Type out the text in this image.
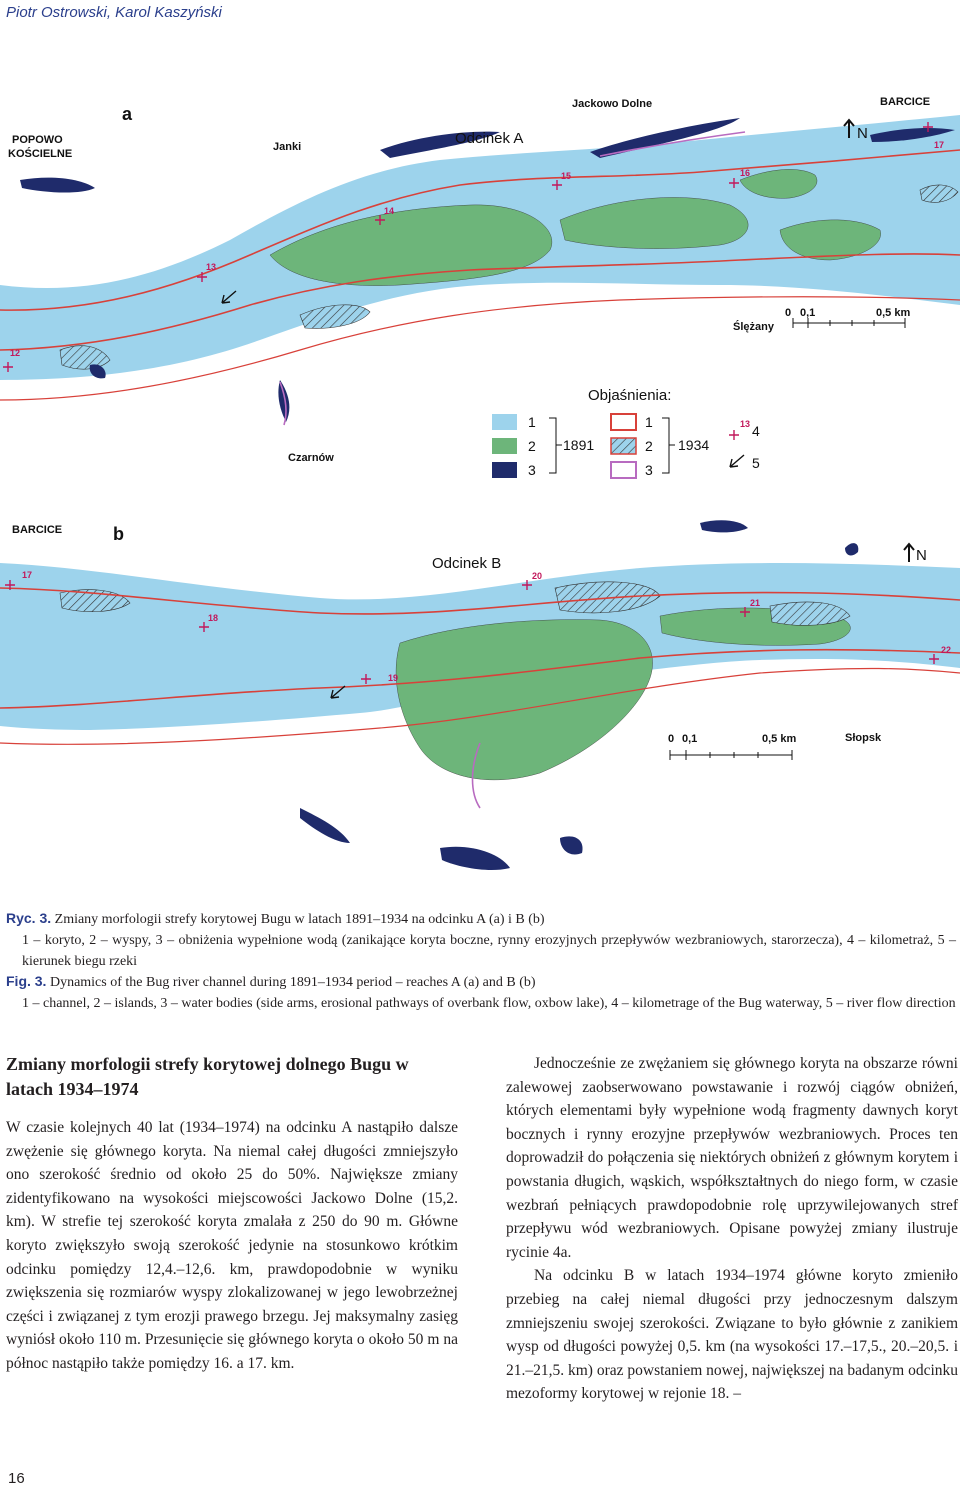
Piotr Ostrowski, Karol Kaszyński
12
13
14
15	16
17
a
Odcinek A
POPOWO
KOŚCIELNE
Janki
Jackowo Dolne	BARCICE
Ślężany
Czarnów
N
0 0,1	0,5 km
Objaśnienia:
1
2
3
1891
1
2
3
1934
13 4
5
17
18
19
20
21
22
b
Odcinek B
BARCICE
Słopsk
N
0 0,1	0,5 km
Ryc. 3. Zmiany morfologii strefy korytowej Bugu w latach 1891–1934 na odcinku A (a) i B (b)
1 – koryto, 2 – wyspy, 3 – obniżenia wypełnione wodą (zanikające koryta boczne, rynny erozyjnych przepływów wezbraniowych, starorzecza), 4 – kilometraż, 5 – kierunek biegu rzeki
Fig. 3. Dynamics of the Bug river channel during 1891–1934 period – reaches A (a) and B (b)
1 – channel, 2 – islands, 3 – water bodies (side arms, erosional pathways of overbank flow, oxbow lake), 4 – kilometrage of the Bug waterway, 5 – river flow direction
Zmiany morfologii strefy korytowej dolnego Bugu w latach 1934–1974

W czasie kolejnych 40 lat (1934–1974) na odcinku A nastąpiło dalsze zwężenie się głównego koryta. Na niemal całej długości zmniejszyło ono szerokość średnio od około 25 do 50%. Największe zmiany zidentyfikowano na wysokości miejscowości Jackowo Dolne (15,2. km). W strefie tej szerokość koryta zmalała z 250 do 90 m. Główne koryto zwiększyło swoją szerokość jedynie na stosunkowo krótkim odcinku pomiędzy 12,4.–12,6. km, prawdopodobnie w wyniku zwiększenia się rozmiarów wyspy zlokalizowanej w jego lewobrzeżnej części i związanej z tym erozji prawego brzegu. Jej maksymalny zasięg wyniósł około 110 m. Przesunięcie się głównego koryta o około 50 m na północ nastąpiło także pomiędzy 16. a 17. km.

Jednocześnie ze zwężaniem się głównego koryta na obszarze równi zalewowej zaobserwowano powstawanie i rozwój ciągów obniżeń, których elementami były wypełnione wodą fragmenty dawnych koryt bocznych i rynny erozyjne przepływów wezbraniowych. Proces ten doprowadził do połączenia się niektórych obniżeń z głównym korytem i powstania długich, wąskich, współkształtnych do niego form, w czasie wezbrań pełniących prawdopodobnie rolę uprzywilejowanych stref przepływu wód wezbraniowych. Opisane powyżej zmiany ilustruje rycinie 4a.

Na odcinku B w latach 1934–1974 główne koryto zmieniło przebieg na całej niemal długości przy jednoczesnym dalszym zmniejszeniu swojej szerokości. Związane to było głównie z zanikiem wysp od długości powyżej 0,5. km (na wysokości 17.–17,5., 20.–20,5. i 21.–21,5. km) oraz powstaniem nowej, największej na badanym odcinku mezoformy korytowej w rejonie 18. –

16
